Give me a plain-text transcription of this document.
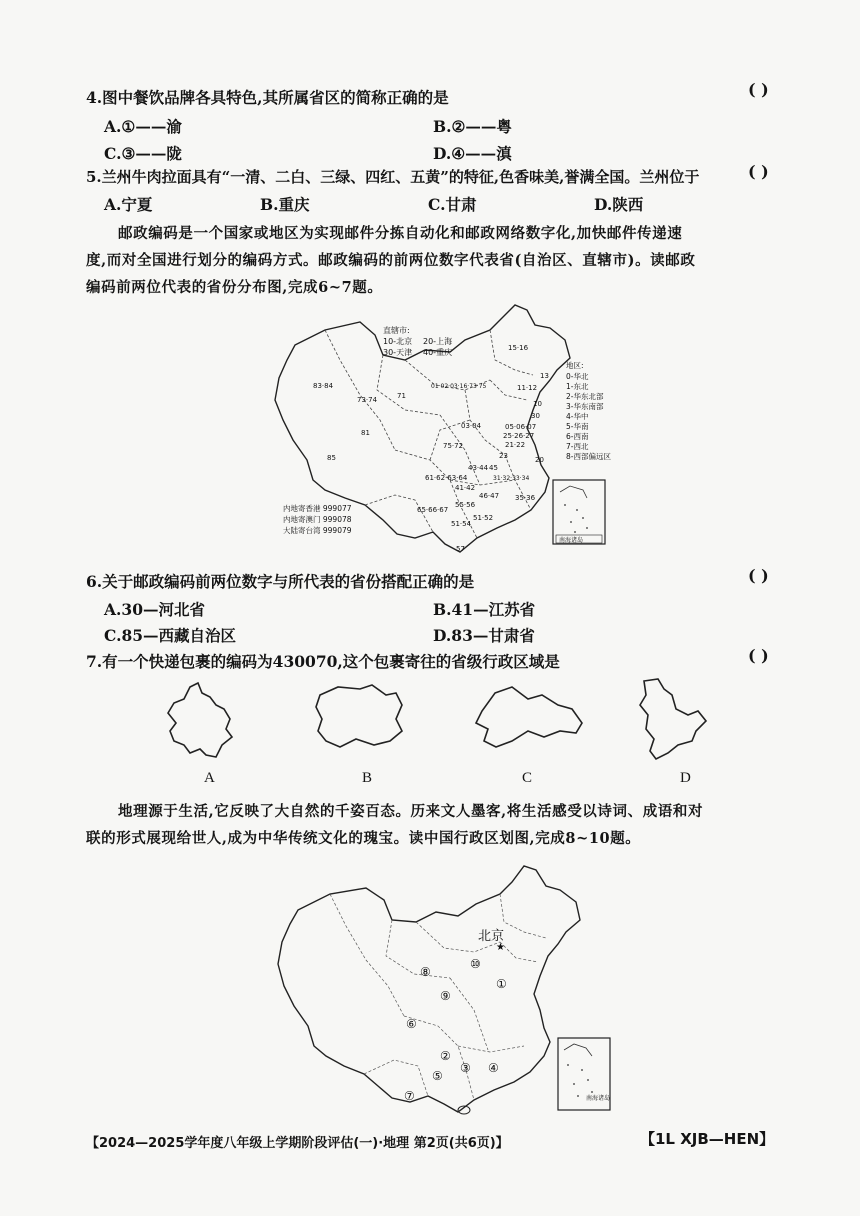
4.图中餐饮品牌各具特色,其所属省区的简称正确的是	( )
A.①——渝	B.②——粤
C.③——陇	D.④——滇
5.兰州牛肉拉面具有“一清、二白、三绿、四红、五黄”的特征,色香味美,誉满全国。兰州位于	( )
A.宁夏	B.重庆	C.甘肃	D.陕西
邮政编码是一个国家或地区为实现邮件分拣自动化和邮政网络数字化,加快邮件传递速
度,而对全国进行划分的编码方式。邮政编码的前两位数字代表省(自治区、直辖市)。读邮政
编码前两位代表的省份分布图,完成6~7题。
83·84
15·16
13
11·12
73·74
01·02·03·16·73·75
10
30
05·06·07
25·26·27
21·22
03·04
81
75·72
85
61·62·63·64
43·44
41·42
23	20
31·32·33·34
35·36
65·66·67
55·56
51·54
51·52
57
46·47
45
71
直辖市:
10-北京 20-上海
30-天津 40-重庆
地区:
0-华北
1-东北
2-华东北部
3-华东南部
4-华中
5-华南
6-西南
7-西北
8-西部偏远区
内地寄香港 999077
内地寄澳门 999078
大陆寄台湾 999079
南海诸岛
6.关于邮政编码前两位数字与所代表的省份搭配正确的是	( )
A.30—河北省	B.41—江苏省
C.85—西藏自治区	D.83—甘肃省
7.有一个快递包裹的编码为430070,这个包裹寄往的省级行政区域是	( )
A	B	C	D
地理源于生活,它反映了大自然的千姿百态。历来文人墨客,将生活感受以诗词、成语和对
联的形式展现给世人,成为中华传统文化的瑰宝。读中国行政区划图,完成8~10题。
北京
★
①
⑧
⑩
⑨
⑥
②
⑤
③ ④
⑦	南海诸岛
【2024—2025学年度八年级上学期阶段评估(一)·地理 第2页(共6页)】	【1L XJB—HEN】
